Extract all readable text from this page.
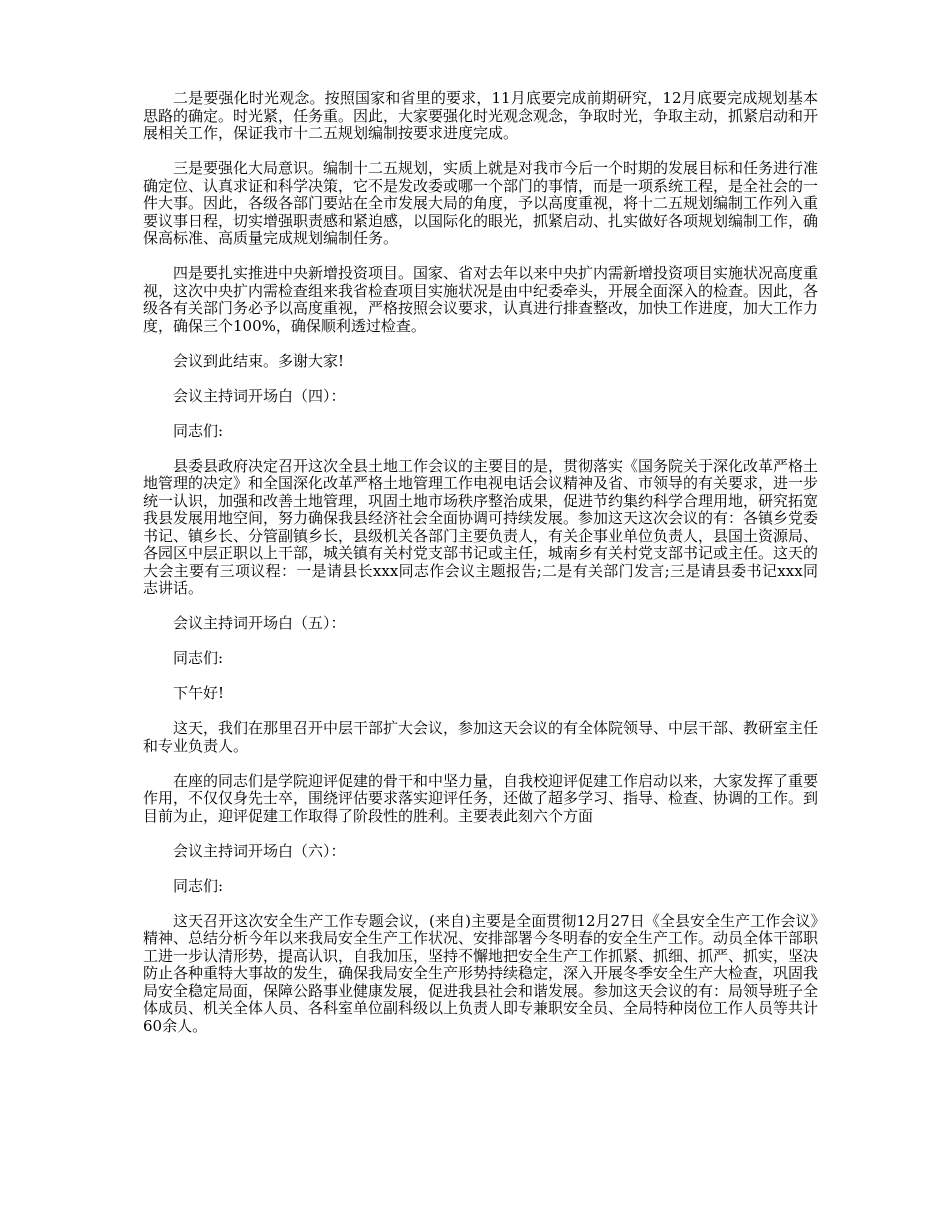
二是要强化时光观念。按照国家和省里的要求，11月底要完成前期研究，12月底要完成规划基本思路的确定。时光紧，任务重。因此，大家要强化时光观念观念，争取时光，争取主动，抓紧启动和开展相关工作，保证我市十二五规划编制按要求进度完成。

三是要强化大局意识。编制十二五规划，实质上就是对我市今后一个时期的发展目标和任务进行准确定位、认真求证和科学决策，它不是发改委或哪一个部门的事情，而是一项系统工程，是全社会的一件大事。因此，各级各部门要站在全市发展大局的角度，予以高度重视，将十二五规划编制工作列入重要议事日程，切实增强职责感和紧迫感，以国际化的眼光，抓紧启动、扎实做好各项规划编制工作，确保高标准、高质量完成规划编制任务。

四是要扎实推进中央新增投资项目。国家、省对去年以来中央扩内需新增投资项目实施状况高度重视，这次中央扩内需检查组来我省检查项目实施状况是由中纪委牵头，开展全面深入的检查。因此，各级各有关部门务必予以高度重视，严格按照会议要求，认真进行排查整改，加快工作进度，加大工作力度，确保三个100%，确保顺利透过检查。

会议到此结束。多谢大家!

会议主持词开场白（四）：

同志们:

县委县政府决定召开这次全县土地工作会议的主要目的是，贯彻落实《国务院关于深化改革严格土地管理的决定》和全国深化改革严格土地管理工作电视电话会议精神及省、市领导的有关要求，进一步统一认识，加强和改善土地管理，巩固土地市场秩序整治成果，促进节约集约科学合理用地，研究拓宽我县发展用地空间，努力确保我县经济社会全面协调可持续发展。参加这天这次会议的有：各镇乡党委书记、镇乡长、分管副镇乡长，县级机关各部门主要负责人，有关企事业单位负责人，县国土资源局、各园区中层正职以上干部，城关镇有关村党支部书记或主任，城南乡有关村党支部书记或主任。这天的大会主要有三项议程：一是请县长xxx同志作会议主题报告;二是有关部门发言;三是请县委书记xxx同志讲话。

会议主持词开场白（五）：

同志们:

下午好!

这天，我们在那里召开中层干部扩大会议，参加这天会议的有全体院领导、中层干部、教研室主任和专业负责人。

在座的同志们是学院迎评促建的骨干和中坚力量，自我校迎评促建工作启动以来，大家发挥了重要作用，不仅仅身先士卒，围绕评估要求落实迎评任务，还做了超多学习、指导、检查、协调的工作。到目前为止，迎评促建工作取得了阶段性的胜利。主要表此刻六个方面

会议主持词开场白（六）：

同志们:

这天召开这次安全生产工作专题会议，(来自)主要是全面贯彻12月27日《全县安全生产工作会议》精神、总结分析今年以来我局安全生产工作状况、安排部署今冬明春的安全生产工作。动员全体干部职工进一步认清形势，提高认识，自我加压，坚持不懈地把安全生产工作抓紧、抓细、抓严、抓实，坚决防止各种重特大事故的发生，确保我局安全生产形势持续稳定，深入开展冬季安全生产大检查，巩固我局安全稳定局面，保障公路事业健康发展，促进我县社会和谐发展。参加这天会议的有：局领导班子全体成员、机关全体人员、各科室单位副科级以上负责人即专兼职安全员、全局特种岗位工作人员等共计60余人。
